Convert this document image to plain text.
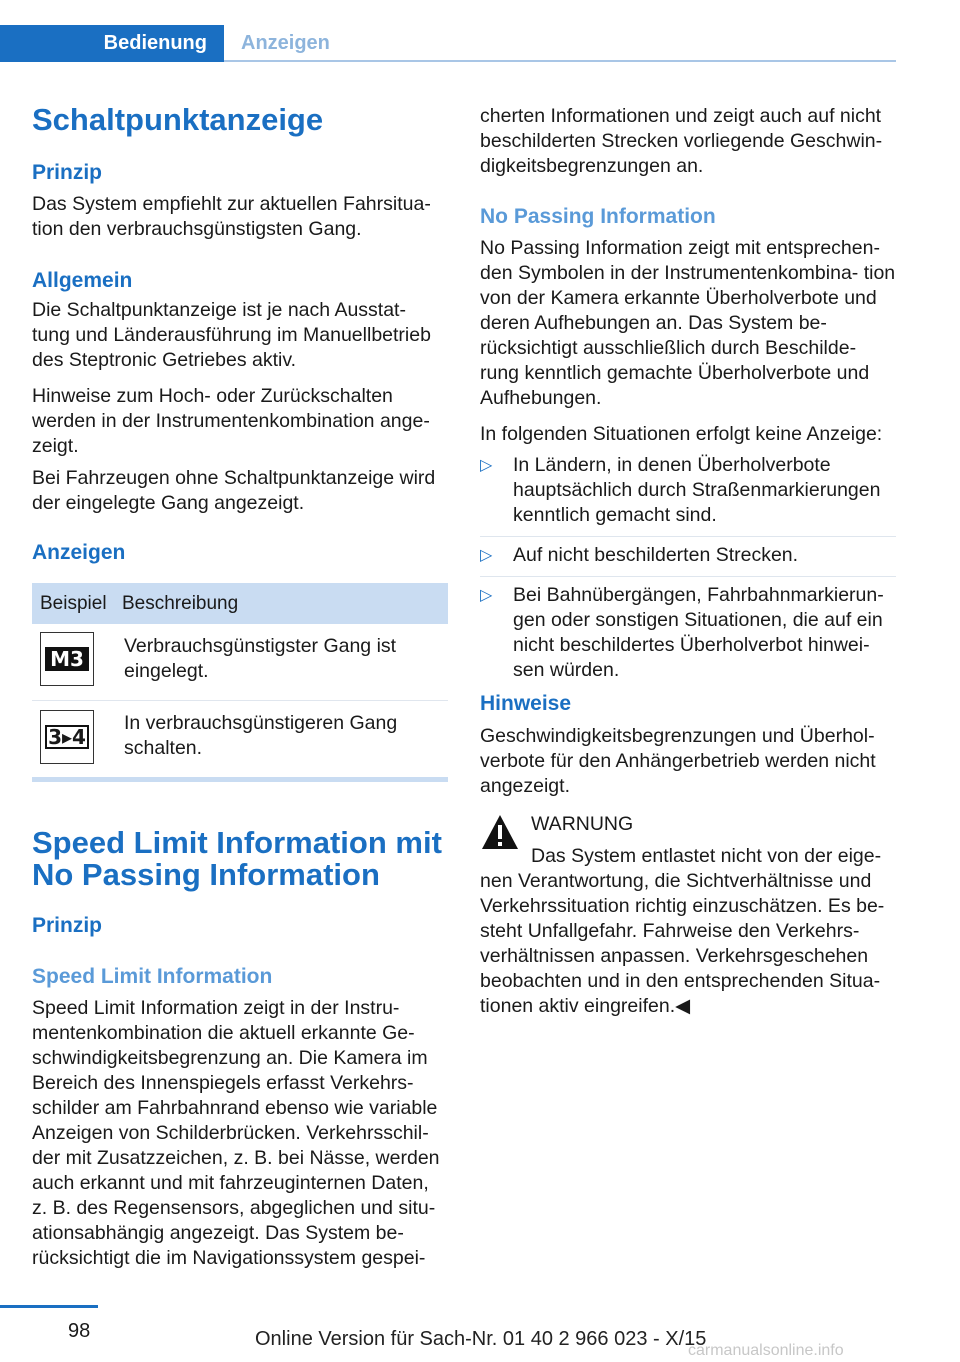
Bedienung Anzeigen
Schaltpunktanzeige
Prinzip

Das System empfiehlt zur aktuellen Fahrsitua- tion den verbrauchsgünstigsten Gang.

Allgemein

Die Schaltpunktanzeige ist je nach Ausstat- tung und Länderausführung im Manuellbetrieb des Steptronic Getriebes aktiv.

Hinweise zum Hoch- oder Zurückschalten werden in der Instrumentenkombination ange- zeigt.

Bei Fahrzeugen ohne Schaltpunktanzeige wird der eingelegte Gang angezeigt.

Anzeigen
Beispiel Beschreibung
M3
Verbrauchsgünstigster Gang ist eingelegt.
3▸4
In verbrauchsgünstigeren Gang schalten.
Speed Limit Information mit No Passing Information
Prinzip
Speed Limit Information

Speed Limit Information zeigt in der Instru- mentenkombination die aktuell erkannte Ge- schwindigkeitsbegrenzung an. Die Kamera im Bereich des Innenspiegels erfasst Verkehrs- schilder am Fahrbahnrand ebenso wie variable Anzeigen von Schilderbrücken. Verkehrsschil- der mit Zusatzzeichen, z. B. bei Nässe, werden auch erkannt und mit fahrzeuginternen Daten, z. B. des Regensensors, abgeglichen und situ- ationsabhängig angezeigt. Das System be- rücksichtigt die im Navigationssystem gespei-

cherten Informationen und zeigt auch auf nicht beschilderten Strecken vorliegende Geschwin- digkeitsbegrenzungen an.

No Passing Information

No Passing Information zeigt mit entsprechen- den Symbolen in der Instrumentenkombina- tion von der Kamera erkannte Überholverbote und deren Aufhebungen an. Das System be- rücksichtigt ausschließlich durch Beschilde- rung kenntlich gemachte Überholverbote und Aufhebungen.

In folgenden Situationen erfolgt keine Anzeige:

▷ In Ländern, in denen Überholverbote hauptsächlich durch Straßenmarkierungen kenntlich gemacht sind.
▷ Auf nicht beschilderten Strecken.
▷ Bei Bahnübergängen, Fahrbahnmarkierun- gen oder sonstigen Situationen, die auf ein nicht beschildertes Überholverbot hinwei- sen würden.
Hinweise

Geschwindigkeitsbegrenzungen und Überhol- verbote für den Anhängerbetrieb werden nicht angezeigt.

WARNUNG

Das System entlastet nicht von der eige-

nen Verantwortung, die Sichtverhältnisse und Verkehrssituation richtig einzuschätzen. Es be- steht Unfallgefahr. Fahrweise den Verkehrs- verhältnissen anpassen. Verkehrsgeschehen beobachten und in den entsprechenden Situa- tionen aktiv eingreifen.◀

98	Online Version für Sach-Nr. 01 40 2 966 023 - X/15
carmanualsonline.info
